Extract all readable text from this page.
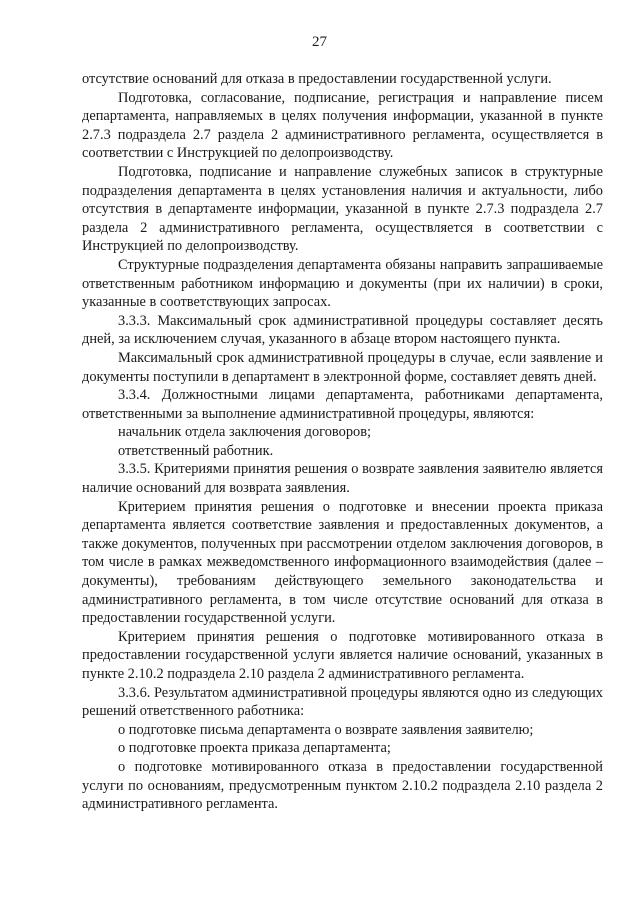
27

отсутствие оснований для отказа в предоставлении государственной услуги.

Подготовка, согласование, подписание, регистрация и направление писем департамента, направляемых в целях получения информации, указанной в пункте 2.7.3 подраздела 2.7 раздела 2 административного регламента, осуществляется в соответствии с Инструкцией по делопроизводству.

Подготовка, подписание и направление служебных записок в структурные подразделения департамента в целях установления наличия и актуальности, либо отсутствия в департаменте информации, указанной в пункте 2.7.3 подраздела 2.7 раздела 2 административного регламента, осуществляется в соответствии с Инструкцией по делопроизводству.

Структурные подразделения департамента обязаны направить запрашиваемые ответственным работником информацию и документы (при их наличии) в сроки, указанные в соответствующих запросах.

3.3.3. Максимальный срок административной процедуры составляет десять дней, за исключением случая, указанного в абзаце втором настоящего пункта.

Максимальный срок административной процедуры в случае, если заявление и документы поступили в департамент в электронной форме, составляет девять дней.

3.3.4. Должностными лицами департамента, работниками департамента, ответственными за выполнение административной процедуры, являются:

начальник отдела заключения договоров;

ответственный работник.

3.3.5. Критериями принятия решения о возврате заявления заявителю является наличие оснований для возврата заявления.

Критерием принятия решения о подготовке и внесении проекта приказа департамента является соответствие заявления и предоставленных документов, а также документов, полученных при рассмотрении отделом заключения договоров, в том числе в рамках межведомственного информационного взаимодействия (далее – документы), требованиям действующего земельного законодательства и административного регламента, в том числе отсутствие оснований для отказа в предоставлении государственной услуги.

Критерием принятия решения о подготовке мотивированного отказа в предоставлении государственной услуги является наличие оснований, указанных в пункте 2.10.2 подраздела 2.10 раздела 2 административного регламента.

3.3.6. Результатом административной процедуры являются одно из следующих решений ответственного работника:

о подготовке письма департамента о возврате заявления заявителю;

о подготовке проекта приказа департамента;

о подготовке мотивированного отказа в предоставлении государственной услуги по основаниям, предусмотренным пунктом 2.10.2 подраздела 2.10 раздела 2 административного регламента.
